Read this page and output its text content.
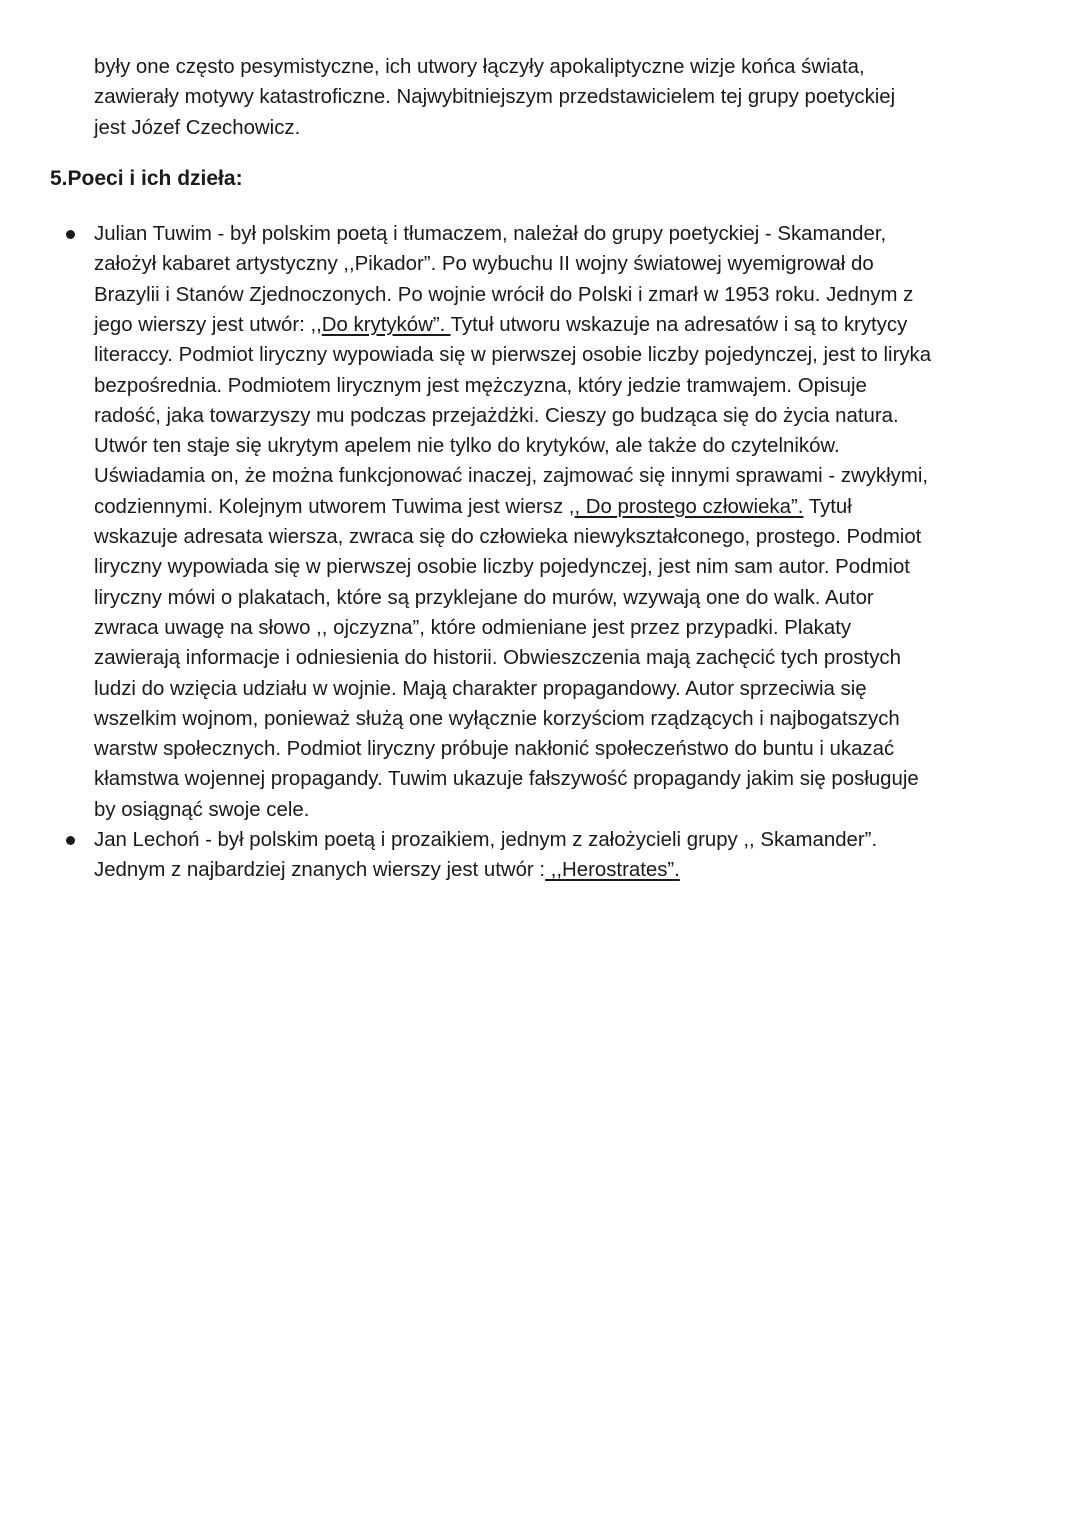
były one często pesymistyczne, ich utwory łączyły apokaliptyczne wizje końca świata,
zawierały motywy katastroficzne. Najwybitniejszym przedstawicielem tej grupy poetyckiej
jest Józef Czechowicz.
5.Poeci i ich dzieła:
Julian Tuwim - był polskim poetą i tłumaczem, należał do grupy poetyckiej - Skamander,
założył kabaret artystyczny ,,Pikador”. Po wybuchu II wojny światowej wyemigrował do
Brazylii i Stanów Zjednoczonych. Po wojnie wrócił do Polski i zmarł w 1953 roku. Jednym z
jego wierszy jest utwór: ,,Do krytyków”. Tytuł utworu wskazuje na adresatów i są to krytycy
literaccy. Podmiot liryczny wypowiada się w pierwszej osobie liczby pojedynczej, jest to liryka
bezpośrednia. Podmiotem lirycznym jest mężczyzna, który jedzie tramwajem. Opisuje
radość, jaka towarzyszy mu podczas przejażdżki. Cieszy go budząca się do życia natura.
Utwór ten staje się ukrytym apelem nie tylko do krytyków, ale także do czytelników.
Uświadamia on, że można funkcjonować inaczej, zajmować się innymi sprawami - zwykłymi,
codziennymi. Kolejnym utworem Tuwima jest wiersz ,, Do prostego człowieka”. Tytuł
wskazuje adresata wiersza, zwraca się do człowieka niewykształconego, prostego. Podmiot
liryczny wypowiada się w pierwszej osobie liczby pojedynczej, jest nim sam autor. Podmiot
liryczny mówi o plakatach, które są przyklejane do murów, wzywają one do walk. Autor
zwraca uwagę na słowo ,, ojczyzna”, które odmieniane jest przez przypadki. Plakaty
zawierają informacje i odniesienia do historii. Obwieszczenia mają zachęcić tych prostych
ludzi do wzięcia udziału w wojnie. Mają charakter propagandowy. Autor sprzeciwia się
wszelkim wojnom, ponieważ służą one wyłącznie korzyściom rządzących i najbogatszych
warstw społecznych. Podmiot liryczny próbuje nakłonić społeczeństwo do buntu i ukazać
kłamstwa wojennej propagandy. Tuwim ukazuje fałszywość propagandy jakim się posługuje
by osiągnąć swoje cele.
Jan Lechoń - był polskim poetą i prozaikiem, jednym z założycieli grupy ,, Skamander”.
Jednym z najbardziej znanych wierszy jest utwór : ,,Herostrates”.
